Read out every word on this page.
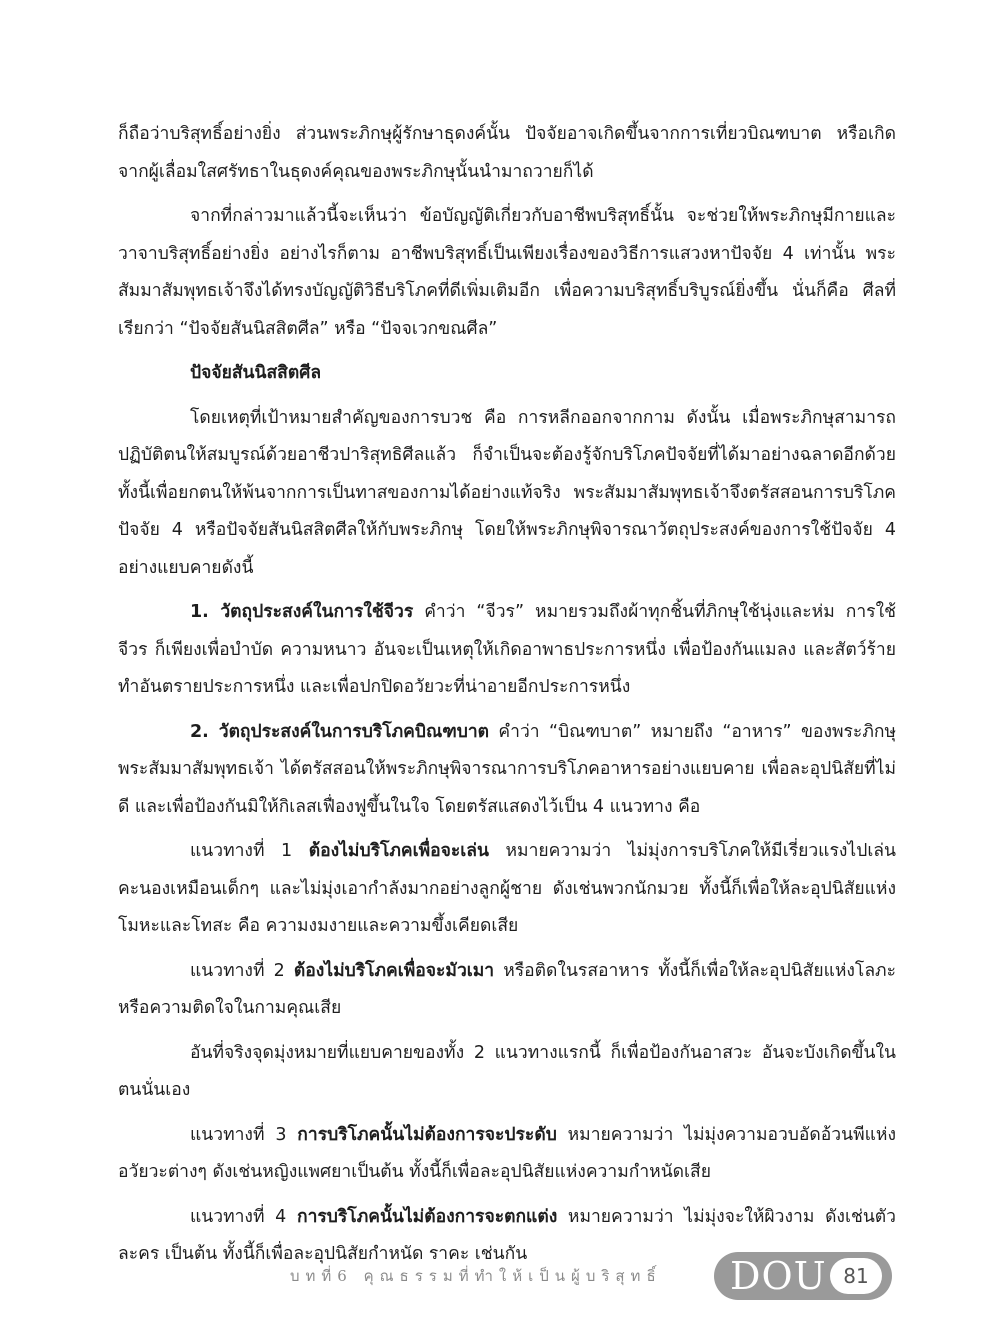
ก็ถือว่าบริสุทธิ์อย่างยิ่ง ส่วนพระภิกษุผู้รักษาธุดงค์นั้น ปัจจัยอาจเกิดขึ้นจากการเที่ยวบิณฑบาต หรือเกิดจากผู้เลื่อมใสศรัทธาในธุดงค์คุณของพระภิกษุนั้นนำมาถวายก็ได้

จากที่กล่าวมาแล้วนี้จะเห็นว่า ข้อบัญญัติเกี่ยวกับอาชีพบริสุทธิ์นั้น จะช่วยให้พระภิกษุมีกายและวาจาบริสุทธิ์อย่างยิ่ง อย่างไรก็ตาม อาชีพบริสุทธิ์เป็นเพียงเรื่องของวิธีการแสวงหาปัจจัย 4 เท่านั้น พระสัมมาสัมพุทธเจ้าจึงได้ทรงบัญญัติวิธีบริโภคที่ดีเพิ่มเติมอีก เพื่อความบริสุทธิ์บริบูรณ์ยิ่งขึ้น นั่นก็คือ ศีลที่เรียกว่า “ปัจจัยสันนิสสิตศีล” หรือ “ปัจจเวกขณศีล”

ปัจจัยสันนิสสิตศีล

โดยเหตุที่เป้าหมายสำคัญของการบวช คือ การหลีกออกจากกาม ดังนั้น เมื่อพระภิกษุสามารถปฏิบัติตนให้สมบูรณ์ด้วยอาชีวปาริสุทธิศีลแล้ว ก็จำเป็นจะต้องรู้จักบริโภคปัจจัยที่ได้มาอย่างฉลาดอีกด้วย ทั้งนี้เพื่อยกตนให้พ้นจากการเป็นทาสของกามได้อย่างแท้จริง พระสัมมาสัมพุทธเจ้าจึงตรัสสอนการบริโภคปัจจัย 4 หรือปัจจัยสันนิสสิตศีลให้กับพระภิกษุ โดยให้พระภิกษุพิจารณาวัตถุประสงค์ของการใช้ปัจจัย 4 อย่างแยบคายดังนี้

1. วัตถุประสงค์ในการใช้จีวร คำว่า “จีวร” หมายรวมถึงผ้าทุกชิ้นที่ภิกษุใช้นุ่งและห่ม การใช้จีวร ก็เพียงเพื่อบำบัด ความหนาว อันจะเป็นเหตุให้เกิดอาพาธประการหนึ่ง เพื่อป้องกันแมลง และสัตว์ร้ายทำอันตรายประการหนึ่ง และเพื่อปกปิดอวัยวะที่น่าอายอีกประการหนึ่ง

2. วัตถุประสงค์ในการบริโภคบิณฑบาต คำว่า “บิณฑบาต” หมายถึง “อาหาร” ของพระภิกษุพระสัมมาสัมพุทธเจ้า ได้ตรัสสอนให้พระภิกษุพิจารณาการบริโภคอาหารอย่างแยบคาย เพื่อละอุปนิสัยที่ไม่ดี และเพื่อป้องกันมิให้กิเลสเฟื่องฟูขึ้นในใจ โดยตรัสแสดงไว้เป็น 4 แนวทาง คือ

แนวทางที่ 1 ต้องไม่บริโภคเพื่อจะเล่น หมายความว่า ไม่มุ่งการบริโภคให้มีเรี่ยวแรงไปเล่นคะนองเหมือนเด็กๆ และไม่มุ่งเอากำลังมากอย่างลูกผู้ชาย ดังเช่นพวกนักมวย ทั้งนี้ก็เพื่อให้ละอุปนิสัยแห่งโมหะและโทสะ คือ ความงมงายและความขึ้งเคียดเสีย

แนวทางที่ 2 ต้องไม่บริโภคเพื่อจะมัวเมา หรือติดในรสอาหาร ทั้งนี้ก็เพื่อให้ละอุปนิสัยแห่งโลภะหรือความติดใจในกามคุณเสีย

อันที่จริงจุดมุ่งหมายที่แยบคายของทั้ง 2 แนวทางแรกนี้ ก็เพื่อป้องกันอาสวะ อันจะบังเกิดขึ้นในตนนั่นเอง

แนวทางที่ 3 การบริโภคนั้นไม่ต้องการจะประดับ หมายความว่า ไม่มุ่งความอวบอัดอ้วนพีแห่งอวัยวะต่างๆ ดังเช่นหญิงแพศยาเป็นต้น ทั้งนี้ก็เพื่อละอุปนิสัยแห่งความกำหนัดเสีย

แนวทางที่ 4 การบริโภคนั้นไม่ต้องการจะตกแต่ง หมายความว่า ไม่มุ่งจะให้ผิวงาม ดังเช่นตัวละคร เป็นต้น ทั้งนี้ก็เพื่อละอุปนิสัยกำหนัด ราคะ เช่นกัน

บทที่6 คุณธรรมที่ทำให้เป็นผู้บริสุทธิ์ DOU 81
